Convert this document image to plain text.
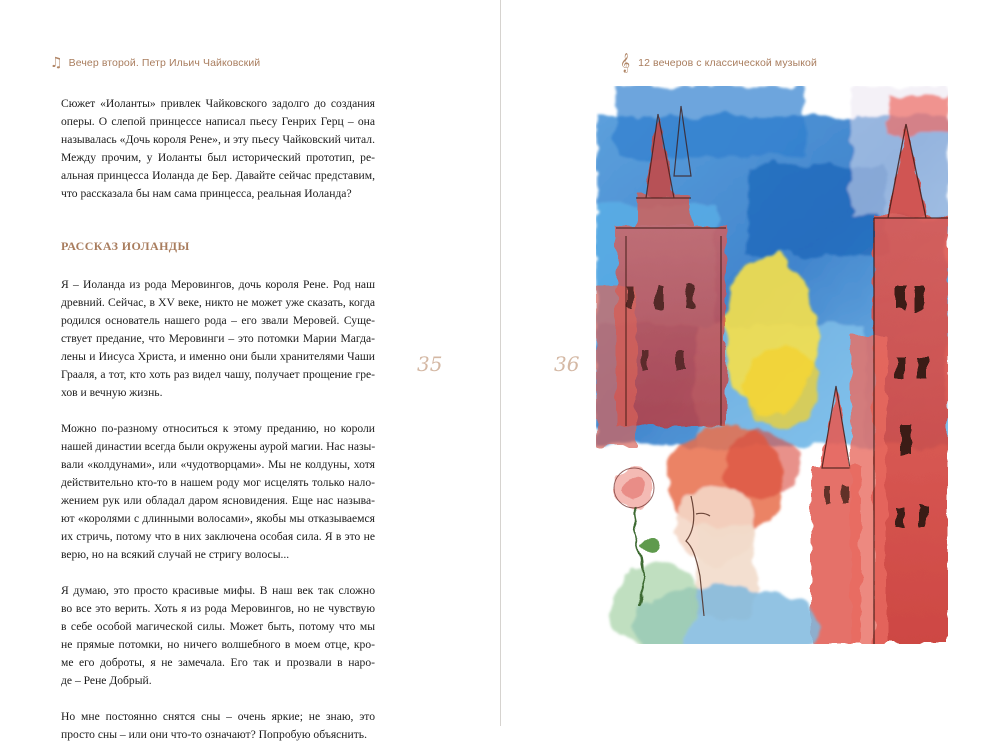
♫ Вечер второй. Петр Ильич Чайковский

Сюжет «Иоланты» привлек Чайковского задолго до создания
оперы. О слепой принцессе написал пьесу Генрих Герц – она
называлась «Дочь короля Рене», и эту пьесу Чайковский читал.
Между прочим, у Иоланты был исторический прототип, ре-
альная принцесса Иоланда де Бер. Давайте сейчас представим,
что рассказала бы нам сама принцесса, реальная Иоланда?

РАССКАЗ ИОЛАНДЫ

Я – Иоланда из рода Меровингов, дочь короля Рене. Род наш
древний. Сейчас, в XV веке, никто не может уже сказать, когда
родился основатель нашего рода – его звали Меровей. Суще-
ствует предание, что Меровинги – это потомки Марии Магда-
лены и Иисуса Христа, и именно они были хранителями Чаши
Грааля, а тот, кто хоть раз видел чашу, получает прощение гре-
хов и вечную жизнь.

Можно по-разному относиться к этому преданию, но короли
нашей династии всегда были окружены аурой магии. Нас назы-
вали «колдунами», или «чудотворцами». Мы не колдуны, хотя
действительно кто-то в нашем роду мог исцелять только нало-
жением рук или обладал даром ясновидения. Еще нас называ-
ют «королями с длинными волосами», якобы мы отказываемся
их стричь, потому что в них заключена особая сила. Я в это не
верю, но на всякий случай не стригу волосы...

Я думаю, это просто красивые мифы. В наш век так сложно
во все это верить. Хоть я из рода Меровингов, но не чувствую
в себе особой магической силы. Может быть, потому что мы
не прямые потомки, но ничего волшебного в моем отце, кро-
ме его доброты, я не замечала. Его так и прозвали в наро-
де – Рене Добрый.

Но мне постоянно снятся сны – очень яркие; не знаю, это
просто сны – или они что-то означают? Попробую объяснить.

35
𝄞 12 вечеров с классической музыкой
36
